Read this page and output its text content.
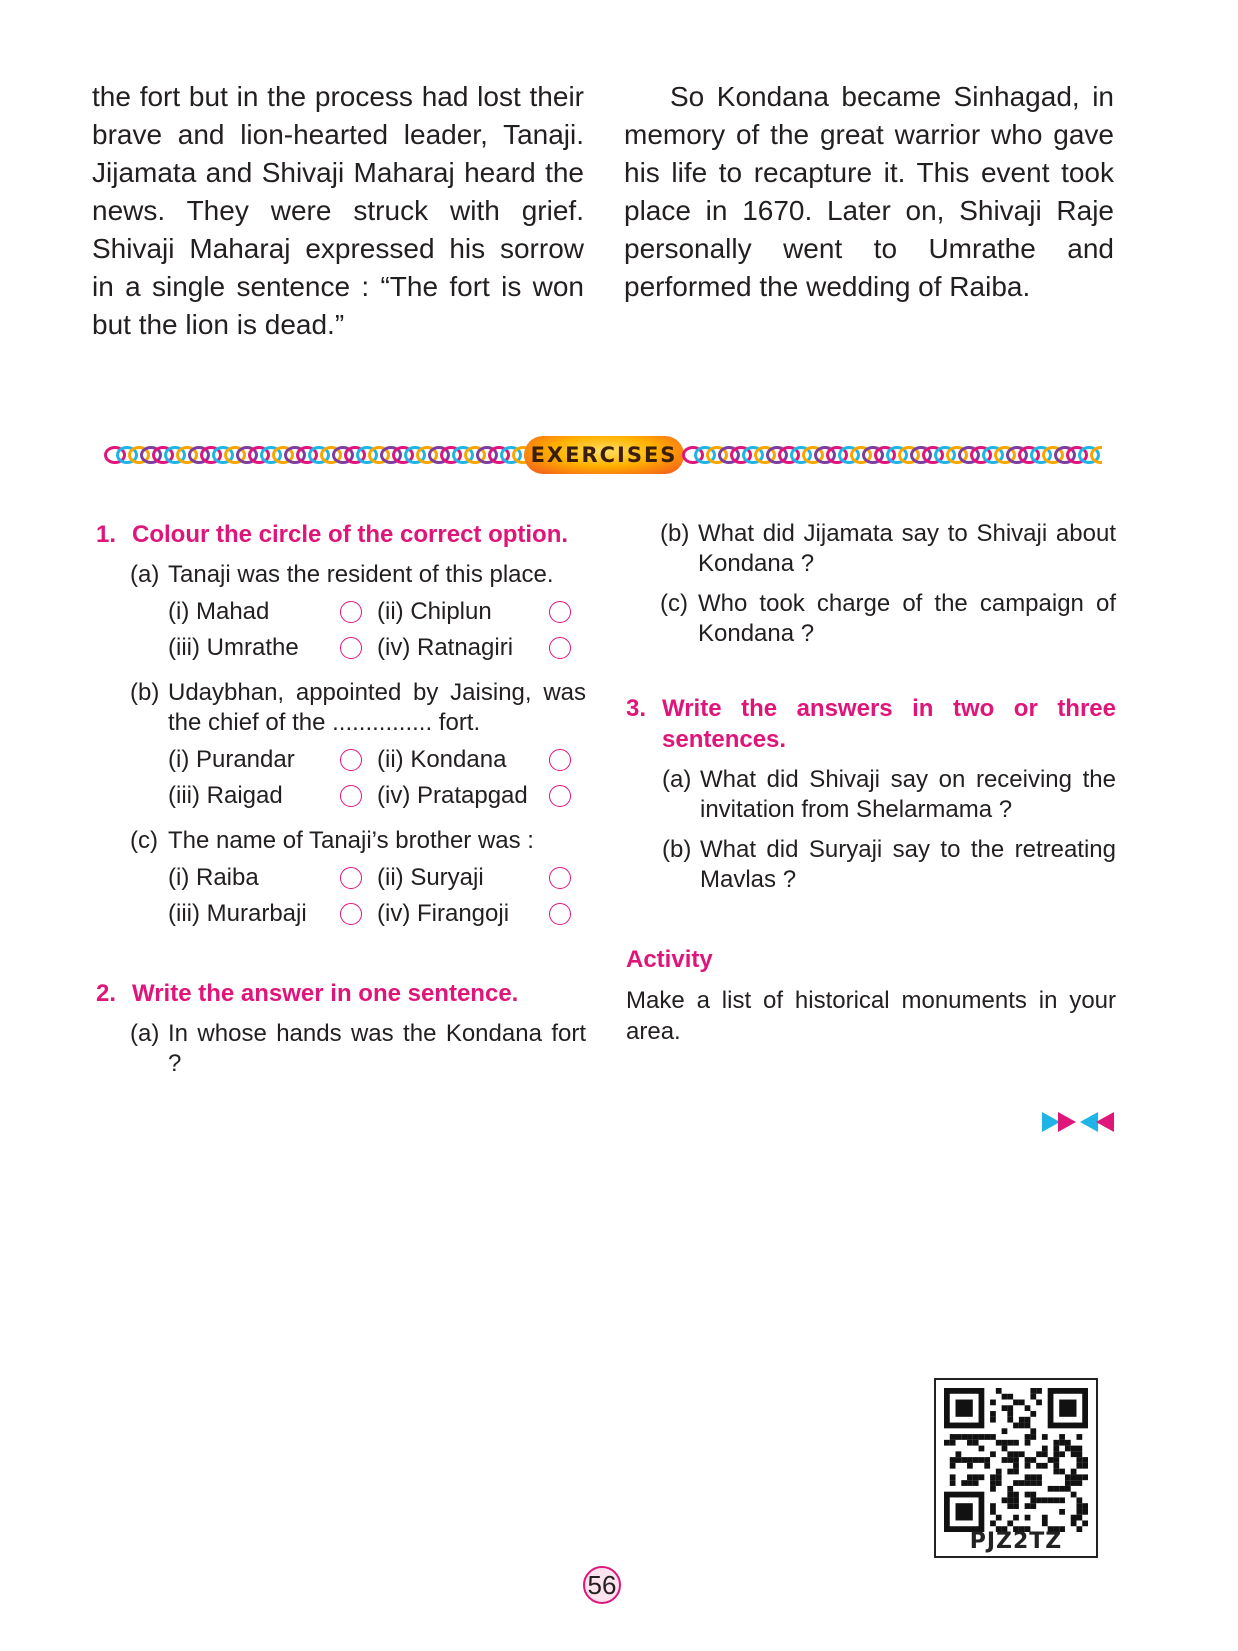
the fort but in the process had lost their brave and lion-hearted leader, Tanaji. Jijamata and Shivaji Maharaj heard the news. They were struck with grief. Shivaji Maharaj expressed his sorrow in a single sentence : “The fort is won but the lion is dead.”

So Kondana became Sinhagad, in memory of the great warrior who gave his life to recapture it. This event took place in 1670. Later on, Shivaji Raje personally went to Umrathe and performed the wedding of Raiba.

EXERCISES

1. Colour the circle of the correct option.

(a) Tanaji was the resident of this place.
(i) Mahad	(ii) Chiplun
(iii) Umrathe	(iv) Ratnagiri
(b) Udaybhan, appointed by Jaising, was the chief of the ............... fort.
(i) Purandar	(ii) Kondana
(iii) Raigad	(iv) Pratapgad
(c) The name of Tanaji’s brother was :
(i) Raiba	(ii) Suryaji
(iii) Murarbaji	(iv) Firangoji

2. Write the answer in one sentence.

(a) In whose hands was the Kondana fort ?
(b) What did Jijamata say to Shivaji about Kondana ?
(c) Who took charge of the campaign of Kondana ?
3. Write the answers in two or three sentences.
(a) What did Shivaji say on receiving the invitation from Shelarmama ?
(b) What did Suryaji say to the retreating Mavlas ?

Activity

Make a list of historical monuments in your area.

PJZ2TZ
56
